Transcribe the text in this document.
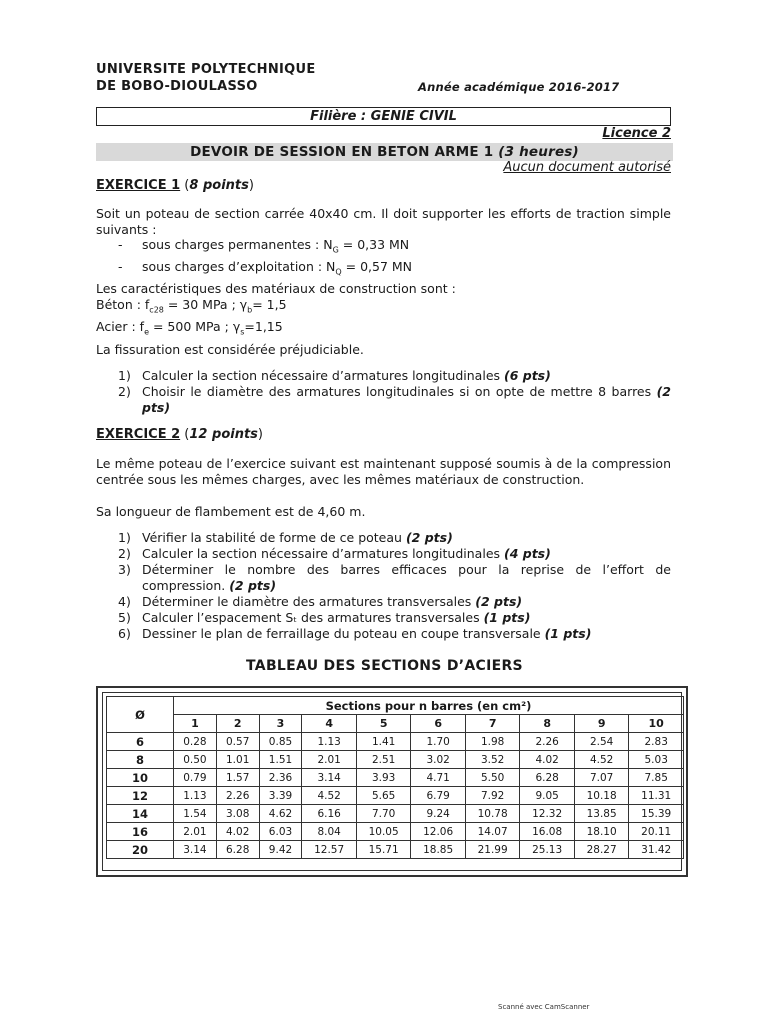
UNIVERSITE POLYTECHNIQUE
DE BOBO-DIOULASSO	Année académique 2016-2017
Filière : GENIE CIVIL
Licence 2
DEVOIR DE SESSION EN BETON ARME 1 (3 heures)
Aucun document autorisé
EXERCICE 1 (8 points)
Soit un poteau de section carrée 40x40 cm. Il doit supporter les efforts de traction simple suivants :
- sous charges permanentes : $N_G = 0,33$ MN
- sous charges d’exploitation : $N_Q = 0,57$ MN
Les caractéristiques des matériaux de construction sont :
Béton : $f_{c28} = 30$ MPa ; $\gamma_b= 1,5$
Acier : $f_e = 500$ MPa ; $\gamma_s=1,15$
La fissuration est considérée préjudiciable.
1) Calculer la section nécessaire d’armatures longitudinales (6 pts)
2) Choisir le diamètre des armatures longitudinales si on opte de mettre 8 barres (2 pts)
EXERCICE 2 (12 points)
Le même poteau de l’exercice suivant est maintenant supposé soumis à de la compression centrée sous les mêmes charges, avec les mêmes matériaux de construction.
Sa longueur de flambement est de 4,60 m.
1) Vérifier la stabilité de forme de ce poteau (2 pts)
2) Calculer la section nécessaire d’armatures longitudinales (4 pts)
3) Déterminer le nombre des barres efficaces pour la reprise de l’effort de compression. (2 pts)
4) Déterminer le diamètre des armatures transversales (2 pts)
5) Calculer l’espacement Sₜ des armatures transversales (1 pts)
6) Dessiner le plan de ferraillage du poteau en coupe transversale (1 pts)
TABLEAU DES SECTIONS D’ACIERS
Ø	Sections pour n barres (en cm²)									
	1	2	3	4	5	6	7	8	9	10
6	0.28	0.57	0.85	1.13	1.41	1.70	1.98	2.26	2.54	2.83
8	0.50	1.01	1.51	2.01	2.51	3.02	3.52	4.02	4.52	5.03
10	0.79	1.57	2.36	3.14	3.93	4.71	5.50	6.28	7.07	7.85
12	1.13	2.26	3.39	4.52	5.65	6.79	7.92	9.05	10.18	11.31
14	1.54	3.08	4.62	6.16	7.70	9.24	10.78	12.32	13.85	15.39
16	2.01	4.02	6.03	8.04	10.05	12.06	14.07	16.08	18.10	20.11
20	3.14	6.28	9.42	12.57	15.71	18.85	21.99	25.13	28.27	31.42
Scanné avec CamScanner
